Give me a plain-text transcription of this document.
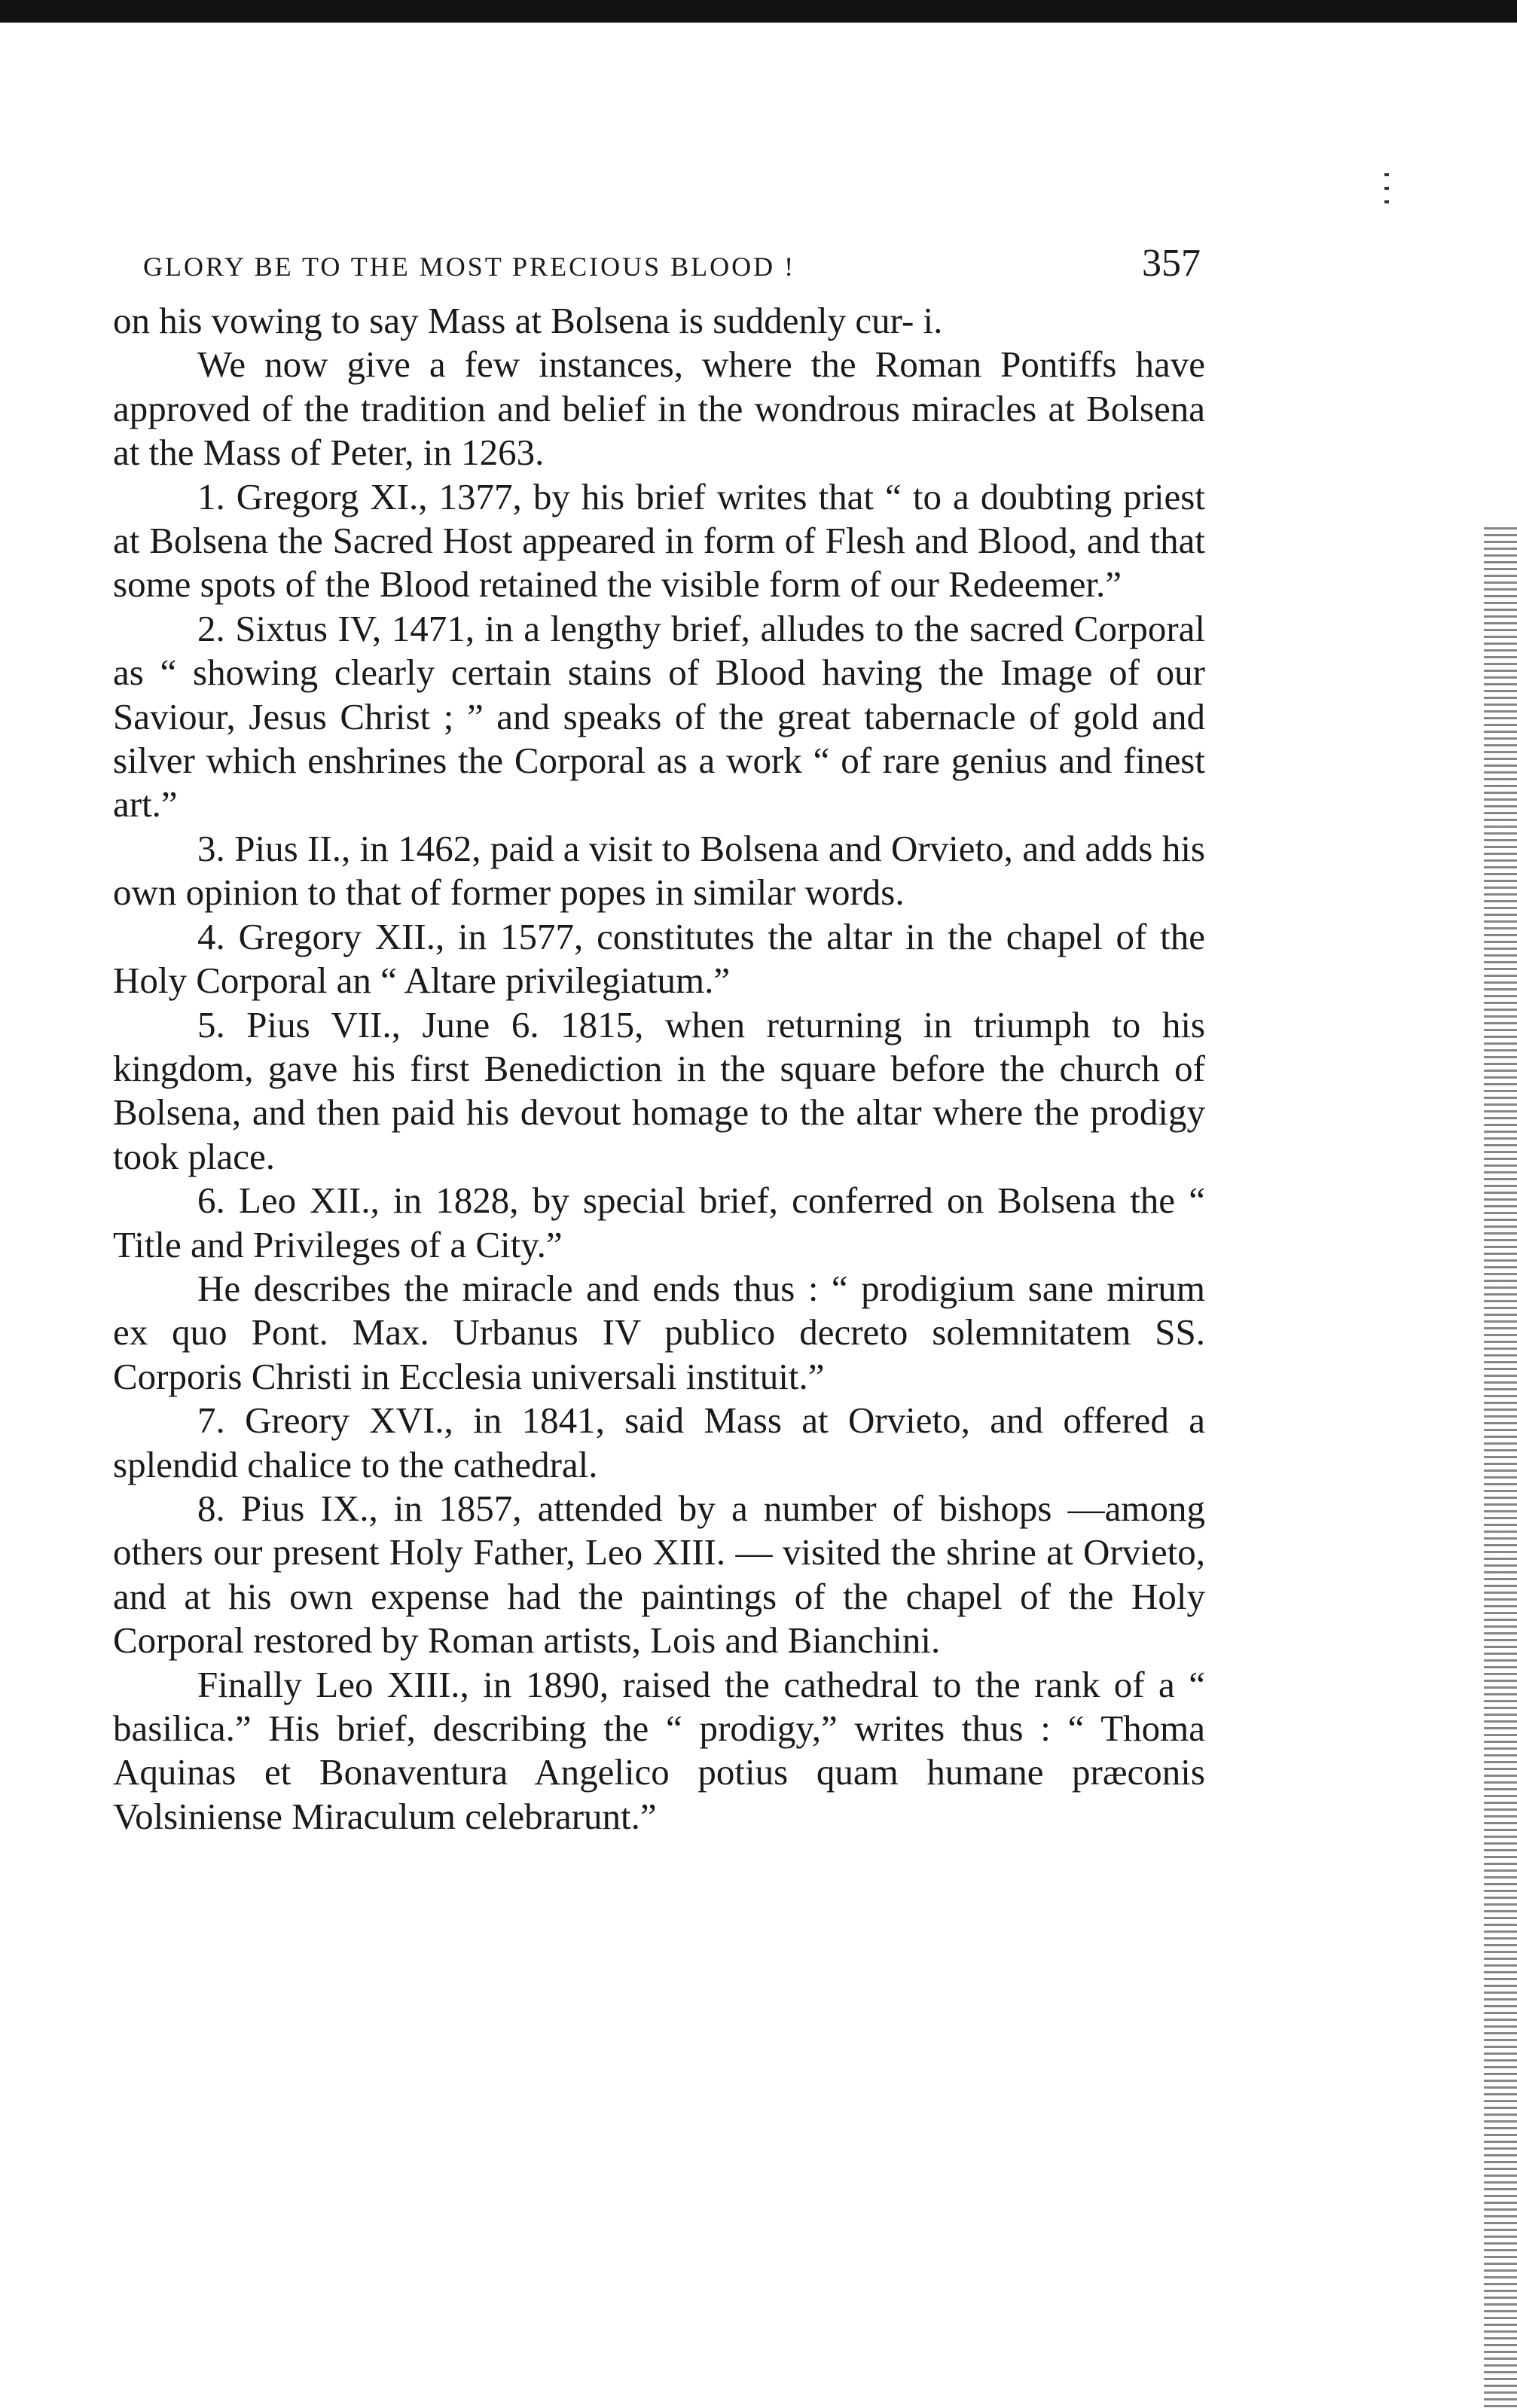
GLORY BE TO THE MOST PRECIOUS BLOOD !	357

on his vowing to say Mass at Bolsena is suddenly cur- i.

We now give a few instances, where the Roman Pontiffs have approved of the tradition and belief in the wondrous miracles at Bolsena at the Mass of Peter, in 1263.

1. Gregorg XI., 1377, by his brief writes that “ to a doubting priest at Bolsena the Sacred Host appeared in form of Flesh and Blood, and that some spots of the Blood retained the visible form of our Redeemer.”

2. Sixtus IV, 1471, in a lengthy brief, alludes to the sacred Corporal as “ showing clearly certain stains of Blood having the Image of our Saviour, Jesus Christ ; ” and speaks of the great tabernacle of gold and silver which enshrines the Corporal as a work “ of rare genius and finest art.”

3. Pius II., in 1462, paid a visit to Bolsena and Orvieto, and adds his own opinion to that of former popes in similar words.

4. Gregory XII., in 1577, constitutes the altar in the chapel of the Holy Corporal an “ Altare privilegiatum.”

5. Pius VII., June 6. 1815, when returning in triumph to his kingdom, gave his first Benediction in the square before the church of Bolsena, and then paid his devout homage to the altar where the prodigy took place.

6. Leo XII., in 1828, by special brief, conferred on Bolsena the “ Title and Privileges of a City.”

He describes the miracle and ends thus : “ prodigium sane mirum ex quo Pont. Max. Urbanus IV publico decreto solemnitatem SS. Corporis Christi in Ecclesia universali instituit.”

7. Greory XVI., in 1841, said Mass at Orvieto, and offered a splendid chalice to the cathedral.

8. Pius IX., in 1857, attended by a number of bishops —among others our present Holy Father, Leo XIII. — visited the shrine at Orvieto, and at his own expense had the paintings of the chapel of the Holy Corporal restored by Roman artists, Lois and Bianchini.

Finally Leo XIII., in 1890, raised the cathedral to the rank of a “ basilica.” His brief, describing the “ prodigy,” writes thus : “ Thoma Aquinas et Bonaventura Angelico potius quam humane præconis Volsiniense Miraculum celebrarunt.”
